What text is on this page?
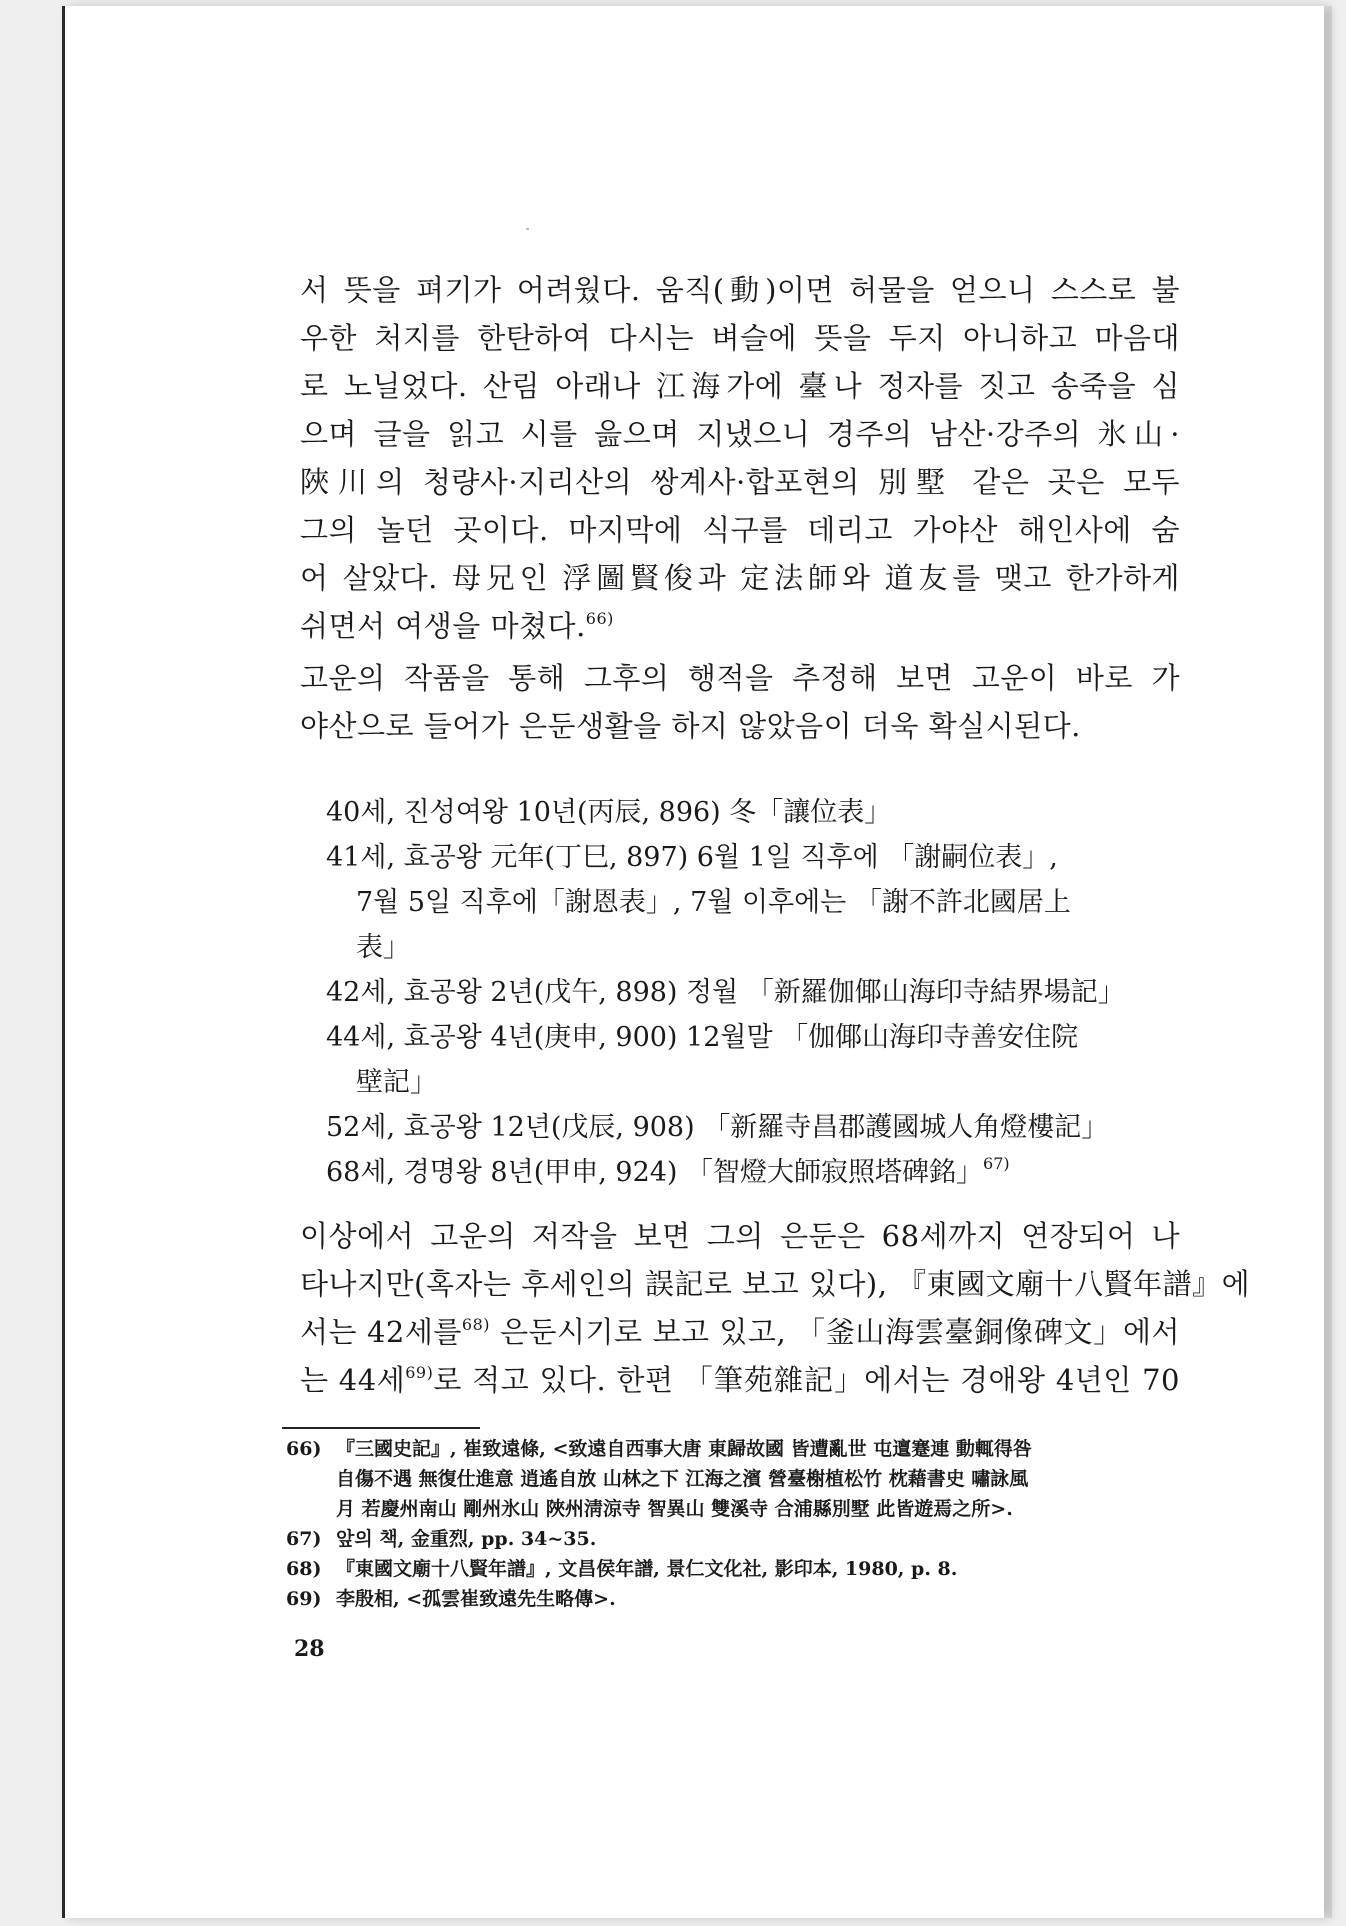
서 뜻을 펴기가 어려웠다. 움직(動)이면 허물을 얻으니 스스로 불
우한 처지를 한탄하여 다시는 벼슬에 뜻을 두지 아니하고 마음대
로 노닐었다. 산림 아래나 江海가에 臺나 정자를 짓고 송죽을 심
으며 글을 읽고 시를 읊으며 지냈으니 경주의 남산·강주의 氷山·
陜川의 청량사·지리산의 쌍계사·합포현의 別墅 같은 곳은 모두
그의 놀던 곳이다. 마지막에 식구를 데리고 가야산 해인사에 숨
어 살았다. 母兄인 浮圖賢俊과 定法師와 道友를 맺고 한가하게
쉬면서 여생을 마쳤다.$^{66)}$
고운의 작품을 통해 그후의 행적을 추정해 보면 고운이 바로 가
야산으로 들어가 은둔생활을 하지 않았음이 더욱 확실시된다.
40세, 진성여왕 10년(丙辰, 896) 冬「讓位表」
41세, 효공왕 元年(丁巳, 897) 6월 1일 직후에 「謝嗣位表」,
7월 5일 직후에「謝恩表」, 7월 이후에는 「謝不許北國居上
表」
42세, 효공왕 2년(戊午, 898) 정월 「新羅伽倻山海印寺結界場記」
44세, 효공왕 4년(庚申, 900) 12월말 「伽倻山海印寺善安住院
壁記」
52세, 효공왕 12년(戊辰, 908) 「新羅寺昌郡護國城人角燈樓記」
68세, 경명왕 8년(甲申, 924) 「智燈大師寂照塔碑銘」$^{67)}$
이상에서 고운의 저작을 보면 그의 은둔은 68세까지 연장되어 나
타나지만(혹자는 후세인의 誤記로 보고 있다), 『東國文廟十八賢年譜』에
서는 42세를$^{68)}$ 은둔시기로 보고 있고, 「釜山海雲臺銅像碑文」에서
는 44세$^{69)}$로 적고 있다. 한편 「筆苑雜記」에서는 경애왕 4년인 70
66) 『三國史記』, 崔致遠條, <致遠自西事大唐 東歸故國 皆遭亂世 屯邅蹇連 動輒得咎
自傷不遇 無復仕進意 逍遙自放 山林之下 江海之濱 營臺榭植松竹 枕藉書史 嘯詠風
月 若慶州南山 剛州氷山 陜州淸涼寺 智異山 雙溪寺 合浦縣別墅 此皆遊焉之所>.
67) 앞의 책, 金重烈, pp. 34~35.
68) 『東國文廟十八賢年譜』, 文昌侯年譜, 景仁文化社, 影印本, 1980, p. 8.
69) 李殷相, <孤雲崔致遠先生略傳>.
28
